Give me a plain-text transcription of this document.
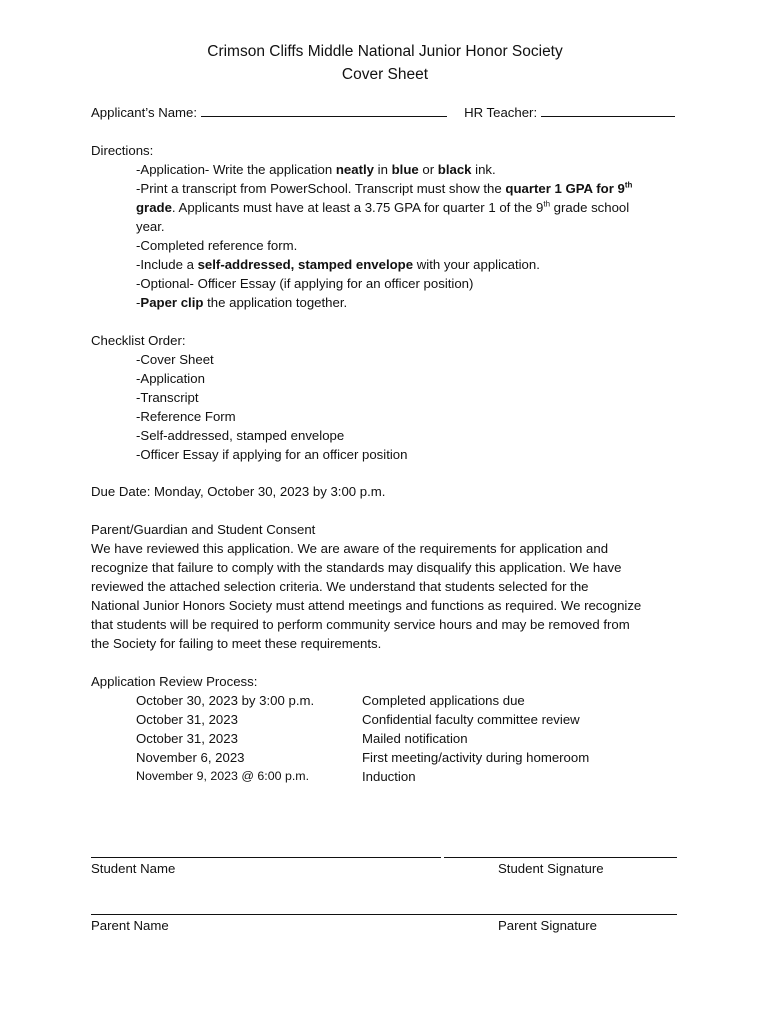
Crimson Cliffs Middle National Junior Honor Society
Cover Sheet
Applicant’s Name:	HR Teacher:
Directions:
-Application- Write the application neatly in blue or black ink.
-Print a transcript from PowerSchool. Transcript must show the quarter 1 GPA for 9th
grade. Applicants must have at least a 3.75 GPA for quarter 1 of the 9th grade school
year.
-Completed reference form.
-Include a self-addressed, stamped envelope with your application.
-Optional- Officer Essay (if applying for an officer position)
-Paper clip the application together.
Checklist Order:
-Cover Sheet
-Application
-Transcript
-Reference Form
-Self-addressed, stamped envelope
-Officer Essay if applying for an officer position
Due Date: Monday, October 30, 2023 by 3:00 p.m.
Parent/Guardian and Student Consent
We have reviewed this application. We are aware of the requirements for application and
recognize that failure to comply with the standards may disqualify this application. We have
reviewed the attached selection criteria. We understand that students selected for the
National Junior Honors Society must attend meetings and functions as required. We recognize
that students will be required to perform community service hours and may be removed from
the Society for failing to meet these requirements.
Application Review Process:
October 30, 2023 by 3:00 p.m.	Completed applications due
October 31, 2023	Confidential faculty committee review
October 31, 2023	Mailed notification
November 6, 2023	First meeting/activity during homeroom
November 9, 2023 @ 6:00 p.m.	Induction
Student Name	Student Signature
Parent Name	Parent Signature
